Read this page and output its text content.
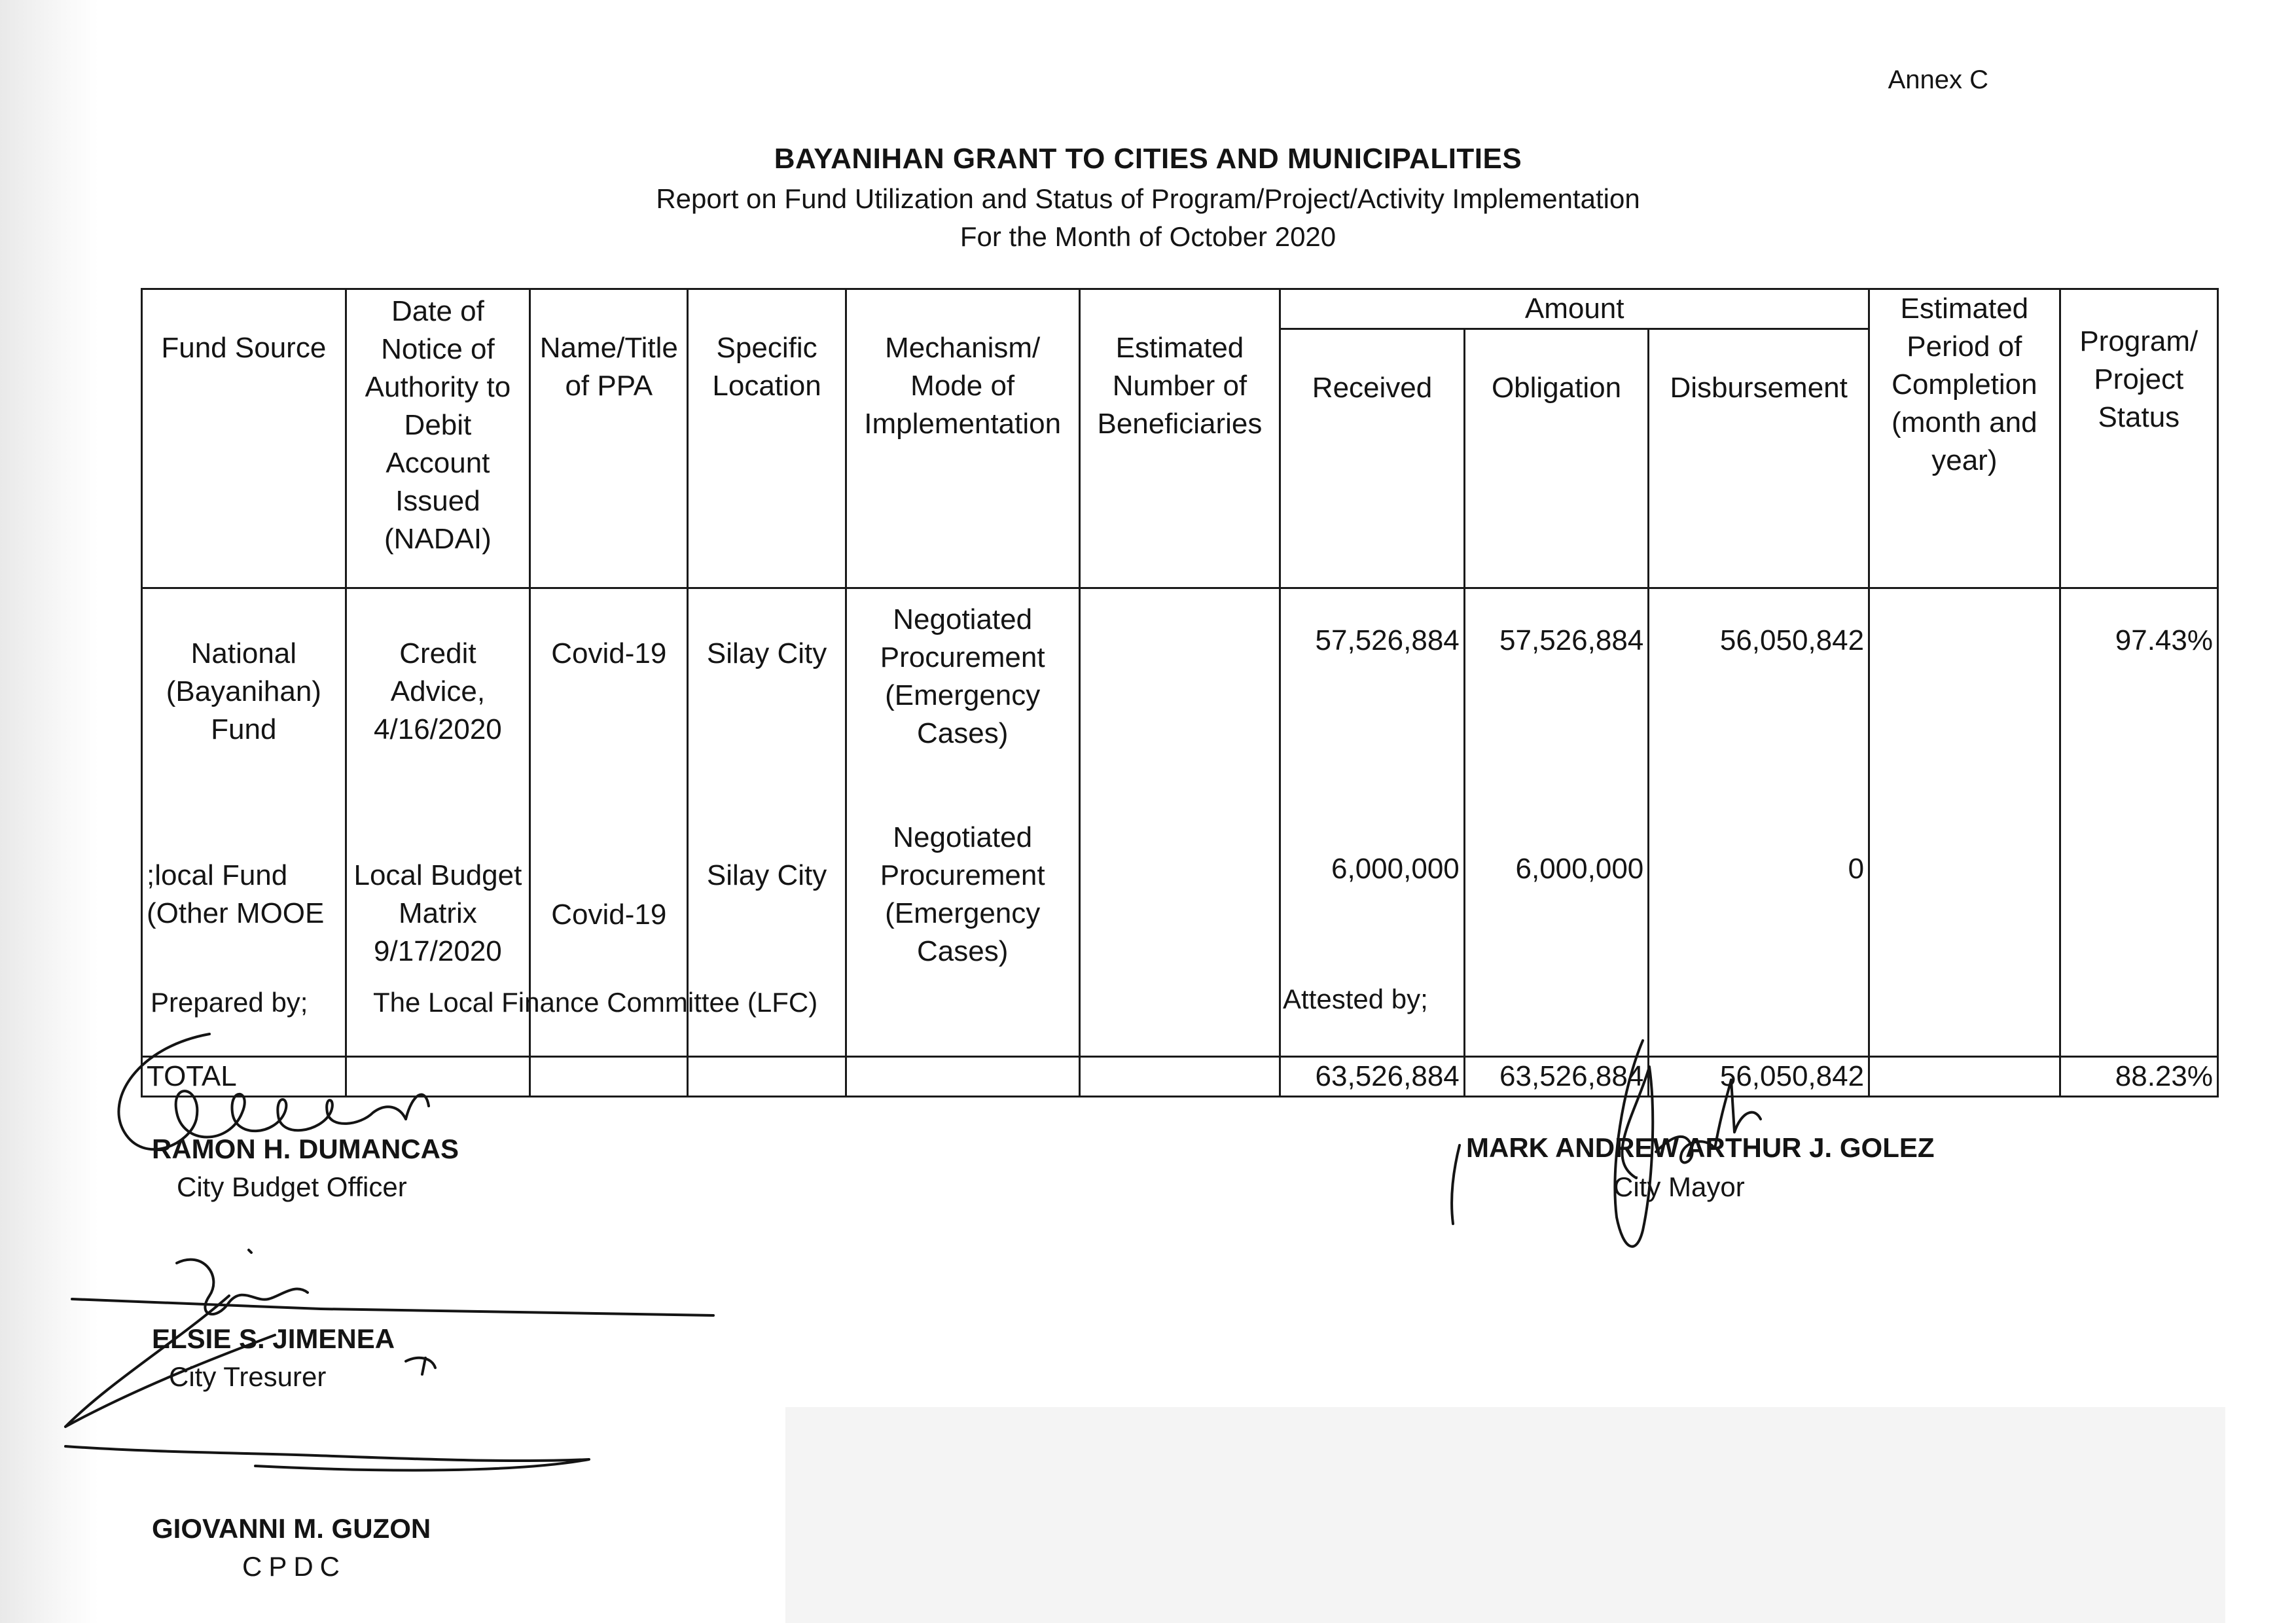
Annex C
BAYANIHAN GRANT TO CITIES AND MUNICIPALITIES
Report on Fund Utilization and Status of Program/Project/Activity Implementation
For the Month of October 2020
Fund Source	Date of Notice of Authority to Debit Account Issued (NADAI)	Name/Title of PPA	Specific Location	Mechanism/ Mode of Implementation	Estimated Number of Beneficiaries	Amount			Estimated Period of Completion (month and year)	Program/ Project Status
						Received	Obligation	Disbursement		
National (Bayanihan) Fund	Credit Advice, 4/16/2020	Covid-19	Silay City	Negotiated Procurement (Emergency Cases)		57,526,884	57,526,884	56,050,842		97.43%
;local Fund (Other MOOE	Local Budget Matrix 9/17/2020	Covid-19	Silay City	Negotiated Procurement (Emergency Cases)		6,000,000	6,000,000	0		
TOTAL						63,526,884	63,526,884	56,050,842		88.23%
Prepared by; The Local Finance Committee (LFC)	Attested by;
RAMON H. DUMANCAS
City Budget Officer
ELSIE S. JIMENEA
City Tresurer
GIOVANNI M. GUZON
CPDC
MARK ANDREW ARTHUR J. GOLEZ
City Mayor
